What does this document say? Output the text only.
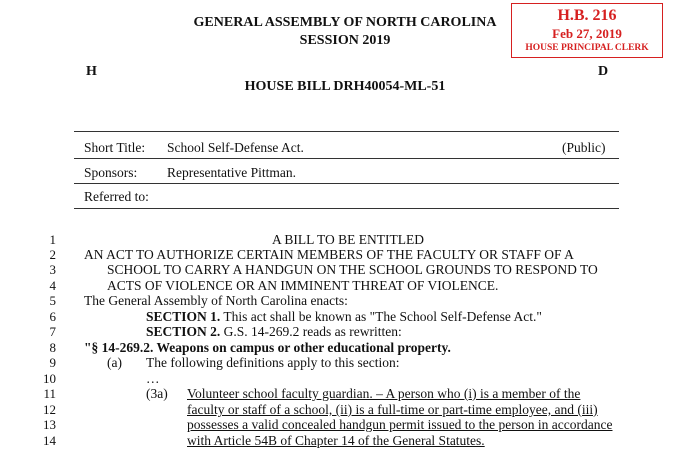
GENERAL ASSEMBLY OF NORTH CAROLINA
SESSION 2019
H.B. 216
Feb 27, 2019
HOUSE PRINCIPAL CLERK
H	D
HOUSE BILL DRH40054-ML-51
Short Title: School Self-Defense Act.	(Public)
Sponsors: Representative Pittman.
Referred to:
1
2
3
4
5
6
7
8
9
10
11
12
13
14
A BILL TO BE ENTITLED
AN ACT TO AUTHORIZE CERTAIN MEMBERS OF THE FACULTY OR STAFF OF A
SCHOOL TO CARRY A HANDGUN ON THE SCHOOL GROUNDS TO RESPOND TO
ACTS OF VIOLENCE OR AN IMMINENT THREAT OF VIOLENCE.
The General Assembly of North Carolina enacts:
SECTION 1. This act shall be known as "The School Self-Defense Act."
SECTION 2. G.S. 14-269.2 reads as rewritten:
"§ 14-269.2. Weapons on campus or other educational property.
(a) The following definitions apply to this section:
…
(3a) Volunteer school faculty guardian. – A person who (i) is a member of the
faculty or staff of a school, (ii) is a full-time or part-time employee, and (iii)
possesses a valid concealed handgun permit issued to the person in accordance
with Article 54B of Chapter 14 of the General Statutes.
